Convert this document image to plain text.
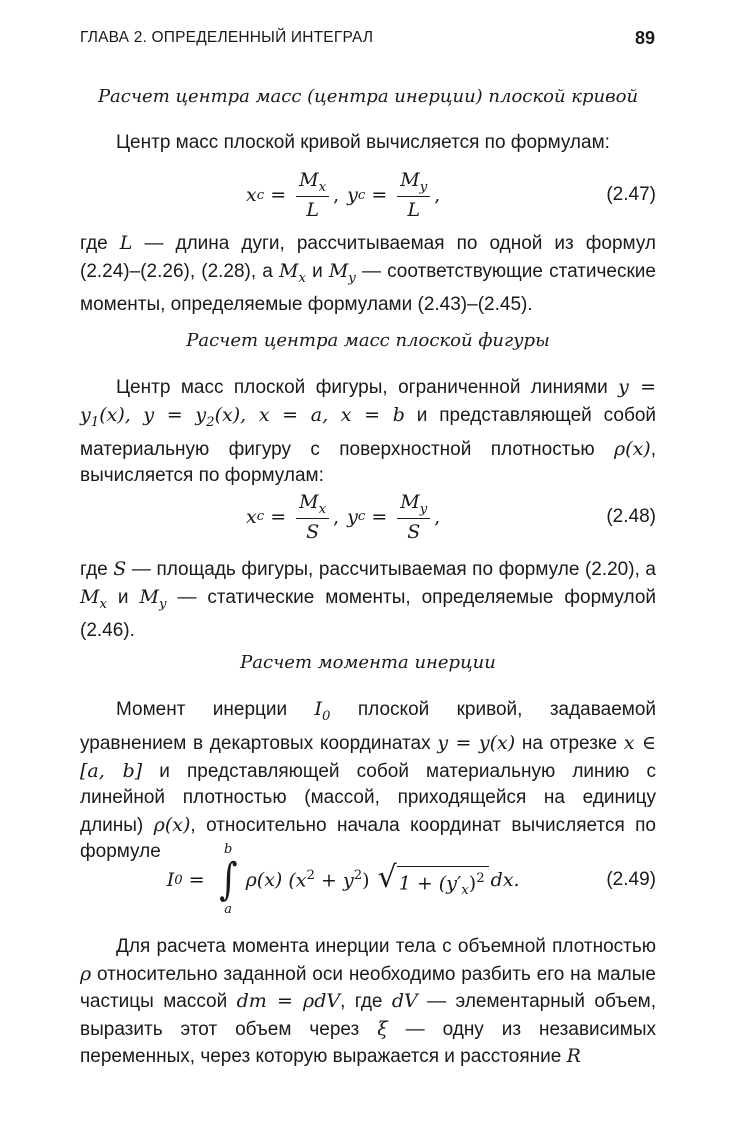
ГЛАВА 2. ОПРЕДЕЛЕННЫЙ ИНТЕГРАЛ	89

Расчет центра масс (центра инерции) плоской кривой

Центр масс плоской кривой вычисляется по формулам:

x $c = \frac{M_x}{L}$ , y $c = \frac{M_y}{L}$ ,	(2.47)

где L — длина дуги, рассчитываемая по одной из формул (2.24)–(2.26), (2.28), а $M_x$ и $M_y$ — соответствующие статические моменты, определяемые формулами (2.43)–(2.45).

Расчет центра масс плоской фигуры

Центр масс плоской фигуры, ограниченной линиями $y = y_1(x)$, $y = y_2(x)$, x = a, x = b и представляющей собой материальную фигуру с поверхностной плотностью ρ(x), вычисляется по формулам:

x $c = \frac{M_x}{S}$ , y $c = \frac{M_y}{S}$ ,	(2.48)

где S — площадь фигуры, рассчитываемая по формуле (2.20), а $M_x$ и $M_y$ — статические моменты, определяемые формулой (2.46).

Расчет момента инерции

Момент инерции $I_0$ плоской кривой, задаваемой уравнением в декартовых координатах y = y(x) на отрезке x ∈ [a, b] и представляющей собой материальную линию с линейной плотностью (массой, приходящейся на единицу длины) ρ(x), относительно начала координат вычисляется по формуле

I 0 =
b
∫
a
ρ(x) $(x^2 + y^2)$ √ $1 + (y'_x)^2$ dx.	(2.49)

Для расчета момента инерции тела с объемной плотностью ρ относительно заданной оси необходимо разбить его на малые частицы массой dm = ρdV, где dV — элементарный объем, выразить этот объем через ξ — одну из независимых переменных, через которую выражается и расстояние R
